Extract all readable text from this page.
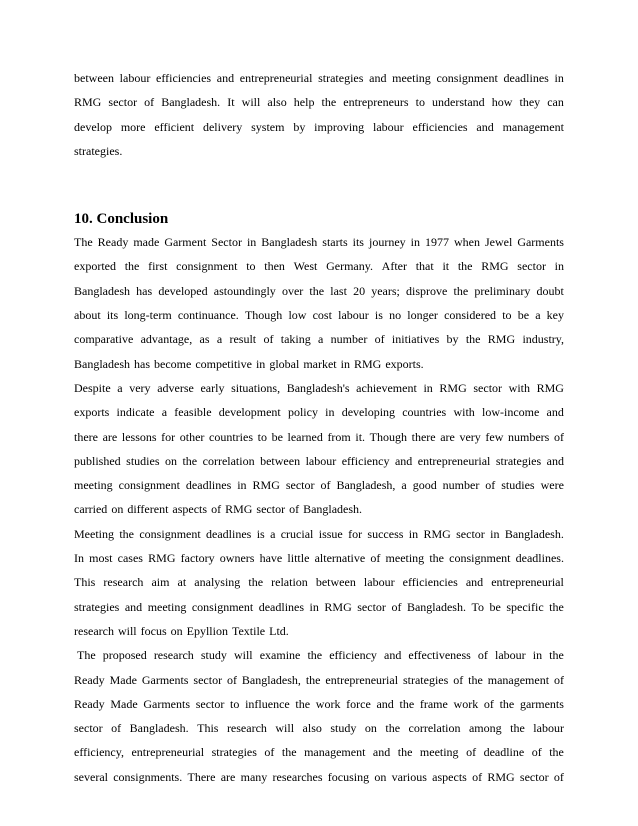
between labour efficiencies and entrepreneurial strategies and meeting consignment deadlines in
RMG sector of Bangladesh. It will also help the entrepreneurs to understand how they can
develop more efficient delivery system by improving labour efficiencies and management
strategies.
10. Conclusion
The Ready made Garment Sector in Bangladesh starts its journey in 1977 when Jewel Garments
exported the first consignment to then West Germany. After that it the RMG sector in
Bangladesh has developed astoundingly over the last 20 years; disprove the preliminary doubt
about its long-term continuance. Though low cost labour is no longer considered to be a key
comparative advantage, as a result of taking a number of initiatives by the RMG industry,
Bangladesh has become competitive in global market in RMG exports.
Despite a very adverse early situations, Bangladesh's achievement in RMG sector with RMG
exports indicate a feasible development policy in developing countries with low-income and
there are lessons for other countries to be learned from it. Though there are very few numbers of
published studies on the correlation between labour efficiency and entrepreneurial strategies and
meeting consignment deadlines in RMG sector of Bangladesh, a good number of studies were
carried on different aspects of RMG sector of Bangladesh.
Meeting the consignment deadlines is a crucial issue for success in RMG sector in Bangladesh.
In most cases RMG factory owners have little alternative of meeting the consignment deadlines.
This research aim at analysing the relation between labour efficiencies and entrepreneurial
strategies and meeting consignment deadlines in RMG sector of Bangladesh. To be specific the
research will focus on Epyllion Textile Ltd.
The proposed research study will examine the efficiency and effectiveness of labour in the
Ready Made Garments sector of Bangladesh, the entrepreneurial strategies of the management of
Ready Made Garments sector to influence the work force and the frame work of the garments
sector of Bangladesh. This research will also study on the correlation among the labour
efficiency, entrepreneurial strategies of the management and the meeting of deadline of the
several consignments. There are many researches focusing on various aspects of RMG sector of
